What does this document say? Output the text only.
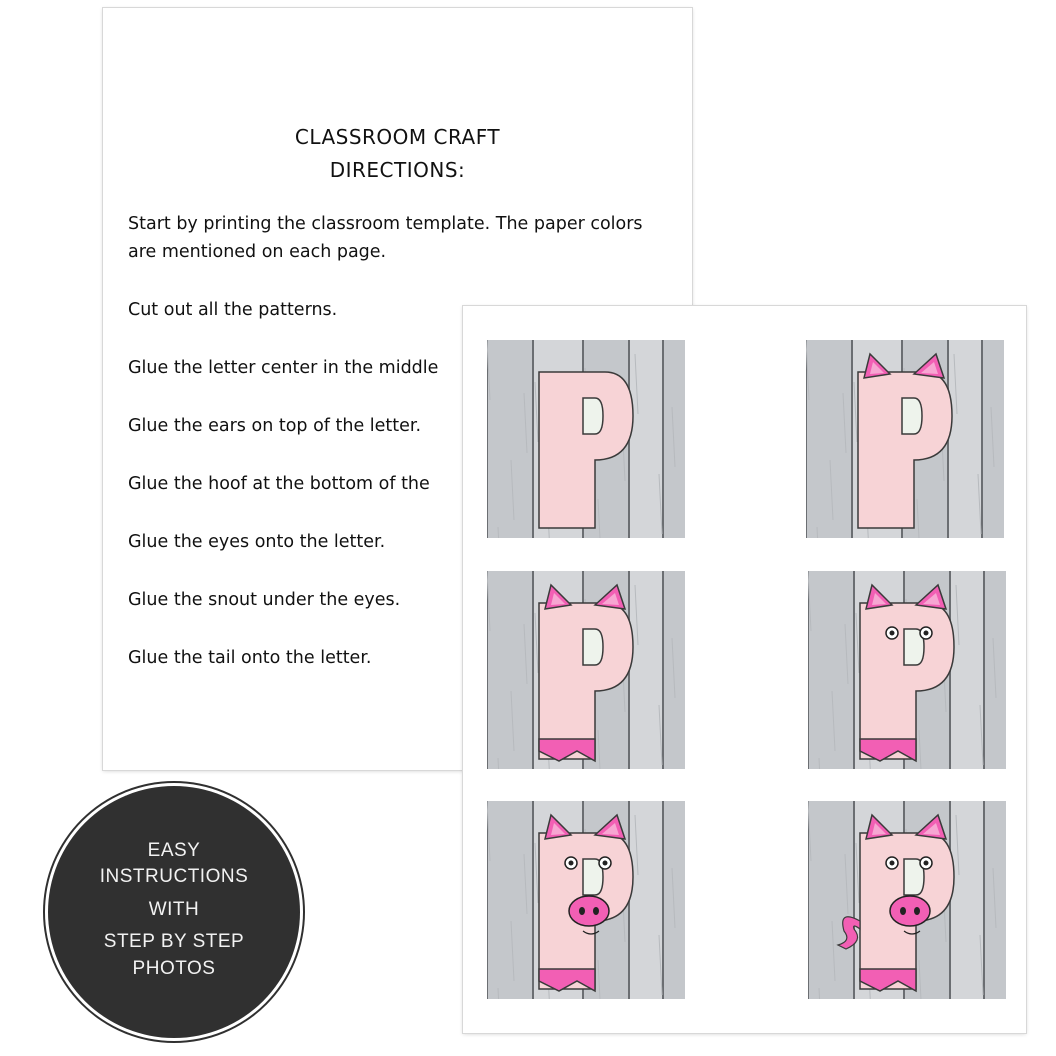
CLASSROOM CRAFT
DIRECTIONS:
Start by printing the classroom template. The paper colors are mentioned on each page.
Cut out all the patterns.
Glue the letter center in the middle
Glue the ears on top of the letter.
Glue the hoof at the bottom of the
Glue the eyes onto the letter.
Glue the snout under the eyes.
Glue the tail onto the letter.
EASY
INSTRUCTIONS
WITH
STEP BY STEP
PHOTOS
